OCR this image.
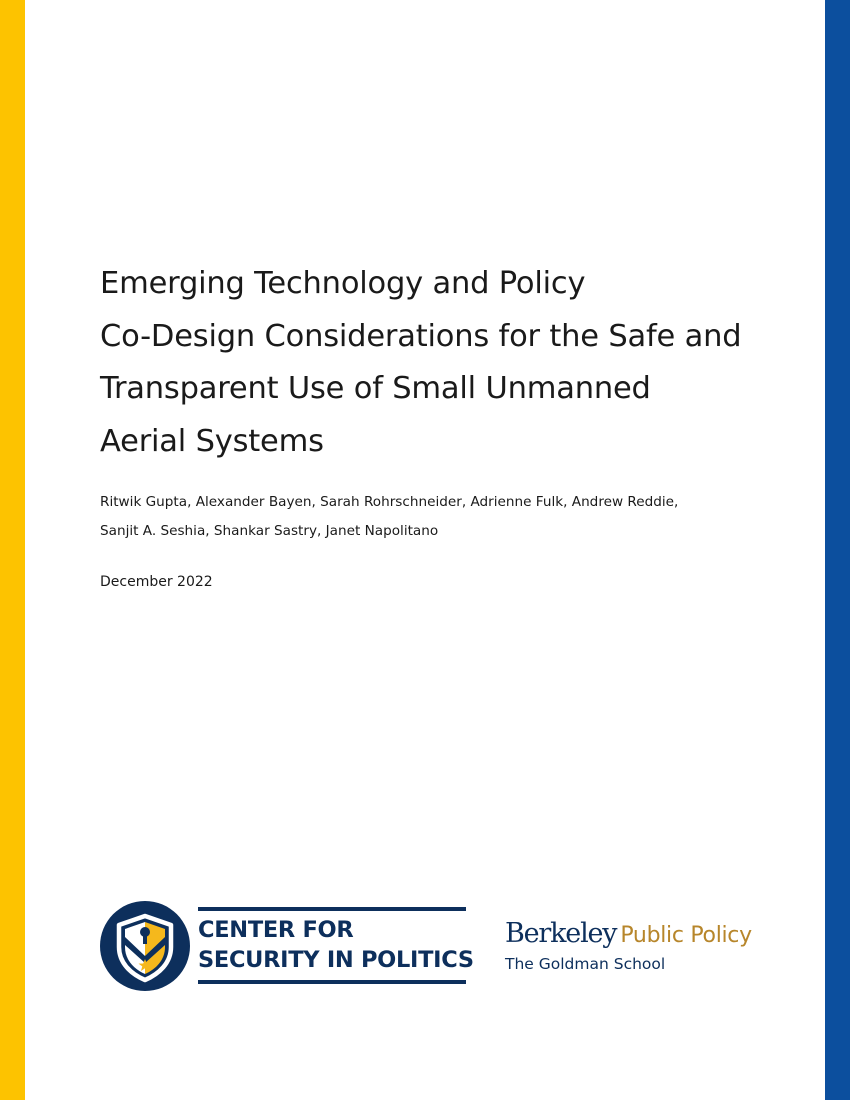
Emerging Technology and Policy
Co-Design Considerations for the Safe and
Transparent Use of Small Unmanned
Aerial Systems
Ritwik Gupta, Alexander Bayen, Sarah Rohrschneider, Adrienne Fulk, Andrew Reddie,
Sanjit A. Seshia, Shankar Sastry, Janet Napolitano
December 2022
CENTER FOR
SECURITY IN POLITICS
Berkeley Public Policy
The Goldman School
